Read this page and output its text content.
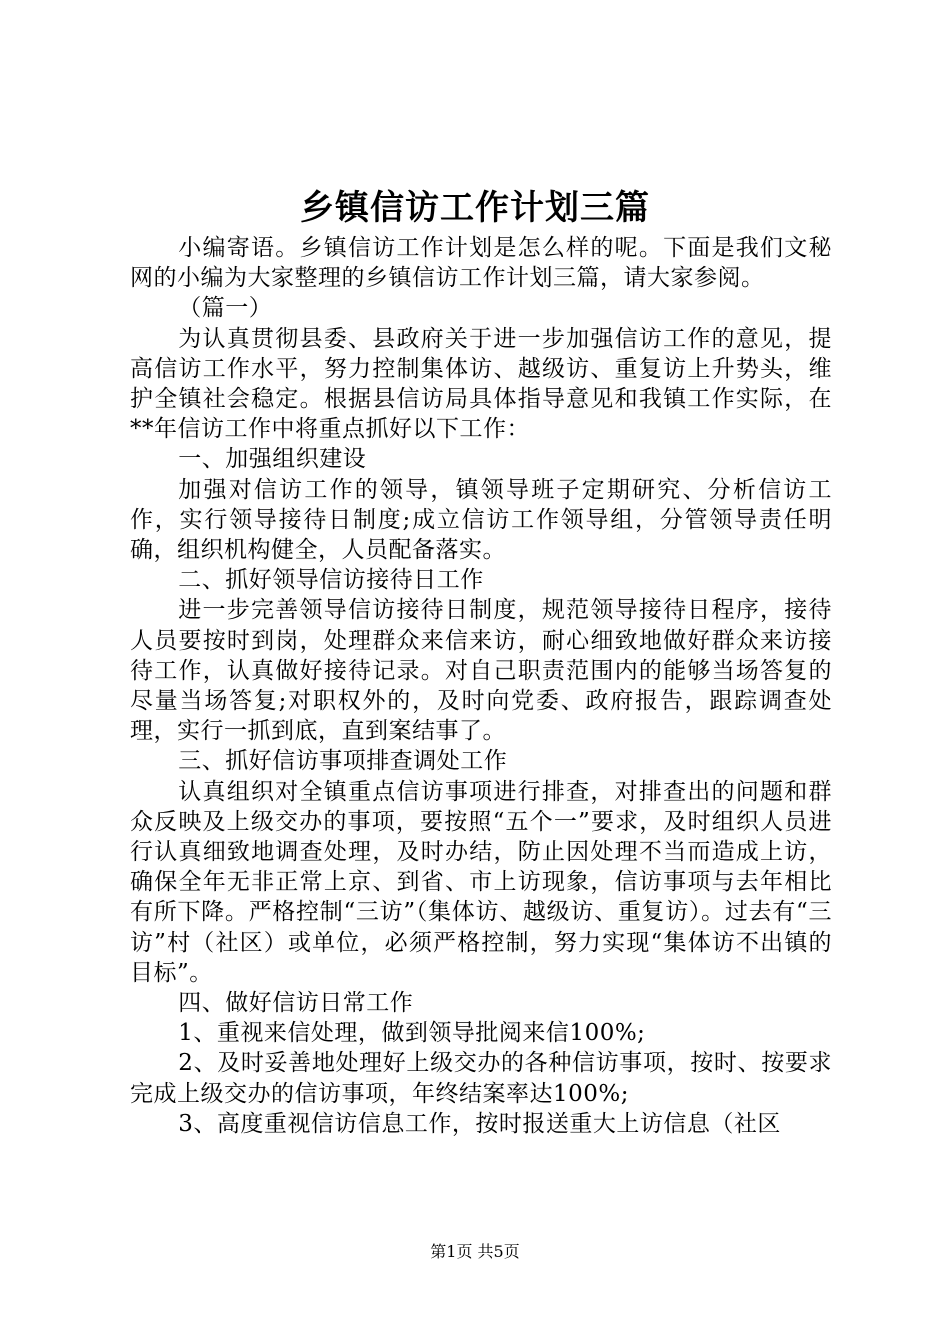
乡镇信访工作计划三篇

小编寄语。乡镇信访工作计划是怎么样的呢。下面是我们文秘网的小编为大家整理的乡镇信访工作计划三篇，请大家参阅。

（篇一）

为认真贯彻县委、县政府关于进一步加强信访工作的意见，提高信访工作水平，努力控制集体访、越级访、重复访上升势头，维护全镇社会稳定。根据县信访局具体指导意见和我镇工作实际，在**年信访工作中将重点抓好以下工作：

一、加强组织建设

加强对信访工作的领导，镇领导班子定期研究、分析信访工作，实行领导接待日制度;成立信访工作领导组，分管领导责任明确，组织机构健全，人员配备落实。

二、抓好领导信访接待日工作

进一步完善领导信访接待日制度，规范领导接待日程序，接待人员要按时到岗，处理群众来信来访，耐心细致地做好群众来访接待工作，认真做好接待记录。对自己职责范围内的能够当场答复的尽量当场答复;对职权外的，及时向党委、政府报告，跟踪调查处理，实行一抓到底，直到案结事了。

三、抓好信访事项排查调处工作

认真组织对全镇重点信访事项进行排查，对排查出的问题和群众反映及上级交办的事项，要按照“五个一”要求，及时组织人员进行认真细致地调查处理，及时办结，防止因处理不当而造成上访，确保全年无非正常上京、到省、市上访现象，信访事项与去年相比有所下降。严格控制“三访”（集体访、越级访、重复访）。过去有“三访”村（社区）或单位，必须严格控制，努力实现“集体访不出镇的目标”。

四、做好信访日常工作

1、重视来信处理，做到领导批阅来信100%;

2、及时妥善地处理好上级交办的各种信访事项，按时、按要求完成上级交办的信访事项，年终结案率达100%;

3、高度重视信访信息工作，按时报送重大上访信息（社区

第1页 共5页
